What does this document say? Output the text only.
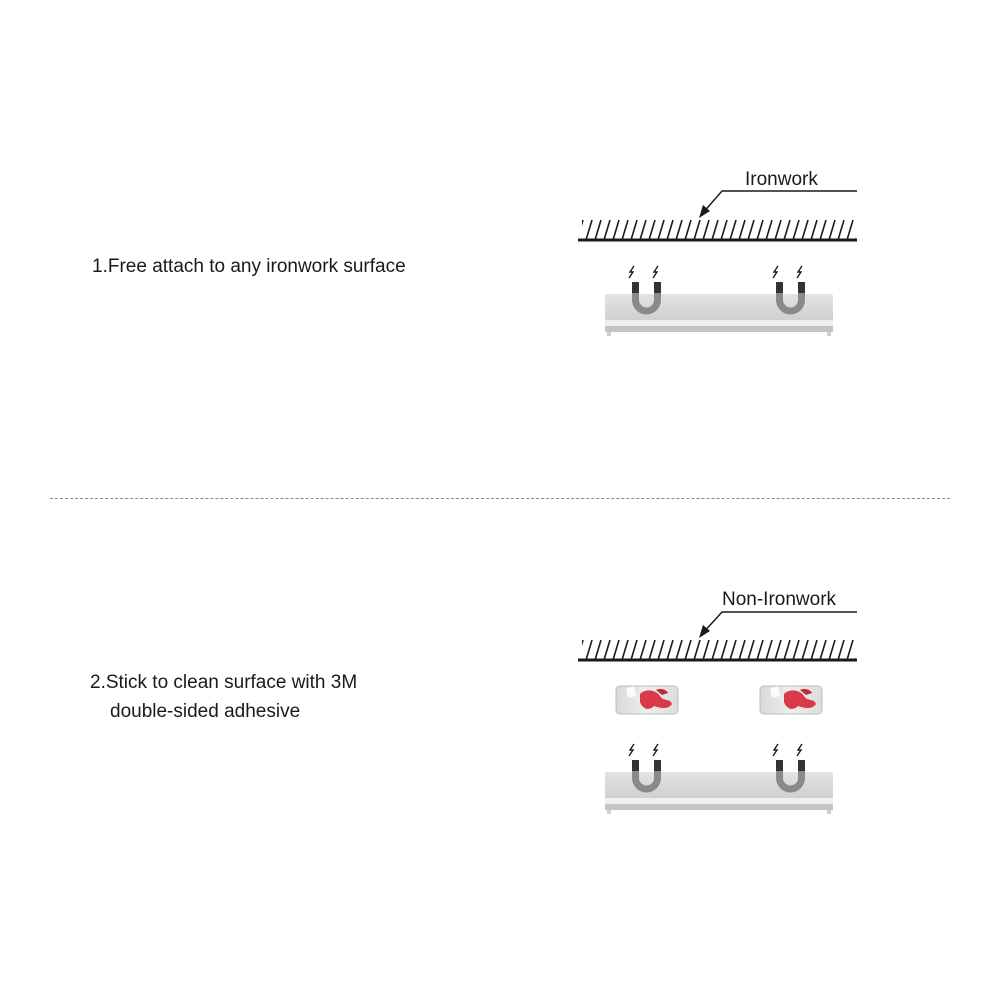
1.Free attach to any ironwork surface
2.Stick to clean surface with 3M
double-sided adhesive
Ironwork
Non-Ironwork
